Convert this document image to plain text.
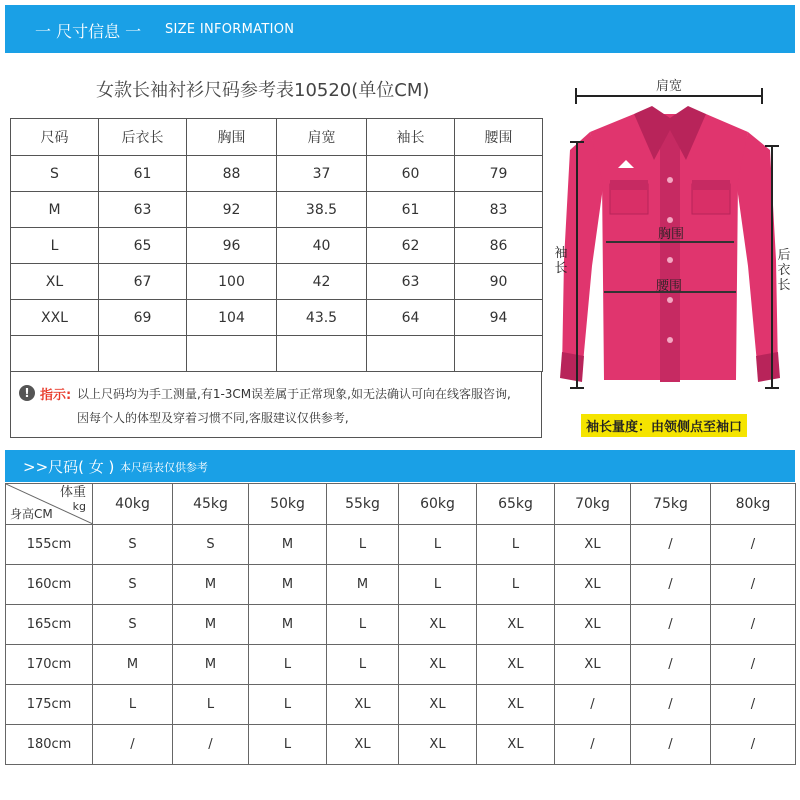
一 尺寸信息 一 SIZE INFORMATION
女款长袖衬衫尺码参考表10520(单位CM)
尺码	后衣长	胸围	肩宽	袖长	腰围
S	61	88	37	60	79
M	63	92	38.5	61	83
L	65	96	40	62	86
XL	67	100	42	63	90
XXL	69	104	43.5	64	94

! 指示: 以上尺码均为手工测量,有1-3CM误差属于正常现象,如无法确认可向在线客服咨询,
因每个人的体型及穿着习惯不同,客服建议仅供参考,
肩宽
胸围
腰围
袖长
后衣长
袖长量度：由领侧点至袖口
>>尺码( 女 ) 本尺码表仅供参考
体重
kg
身高CM	40kg	45kg	50kg	55kg	60kg	65kg	70kg	75kg	80kg
155cm	S	S	M	L	L	L	XL	/	/
160cm	S	M	M	M	L	L	XL	/	/
165cm	S	M	M	L	XL	XL	XL	/	/
170cm	M	M	L	L	XL	XL	XL	/	/
175cm	L	L	L	XL	XL	XL	/	/	/
180cm	/	/	L	XL	XL	XL	/	/	/
